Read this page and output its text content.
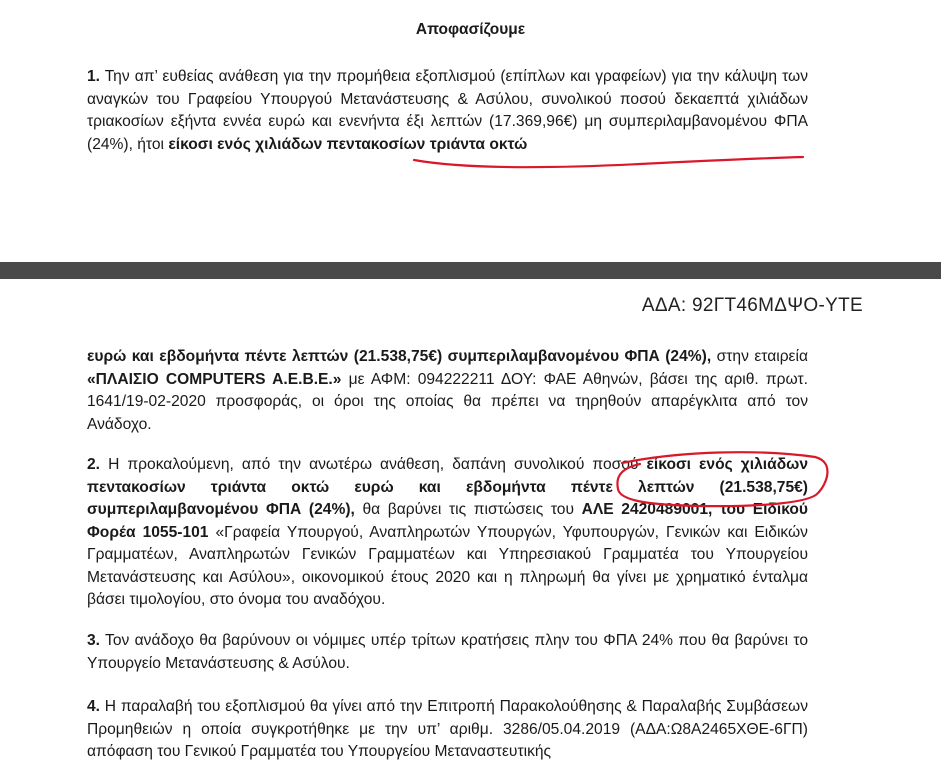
Αποφασίζουμε

1. Την απ’ ευθείας ανάθεση για την προμήθεια εξοπλισμού (επίπλων και γραφείων) για την κάλυψη των αναγκών του Γραφείου Υπουργού Μετανάστευσης & Ασύλου, συνολικού ποσού δεκαεπτά χιλιάδων τριακοσίων εξήντα εννέα ευρώ και ενενήντα έξι λεπτών (17.369,96€) μη συμπεριλαμβανομένου ΦΠΑ (24%), ήτοι είκοσι ενός χιλιάδων πεντακοσίων τριάντα οκτώ

ΑΔΑ: 92ΓΤ46ΜΔΨΟ-ΥΤΕ

ευρώ και εβδομήντα πέντε λεπτών (21.538,75€) συμπεριλαμβανομένου ΦΠΑ (24%), στην εταιρεία «ΠΛΑΙΣΙΟ COMPUTERS A.E.B.E.» με ΑΦΜ: 094222211 ΔΟΥ: ΦΑΕ Αθηνών, βάσει της αριθ. πρωτ. 1641/19-02-2020 προσφοράς, οι όροι της οποίας θα πρέπει να τηρηθούν απαρέγκλιτα από τον Ανάδοχο.

2. Η προκαλούμενη, από την ανωτέρω ανάθεση, δαπάνη συνολικού ποσού είκοσι ενός χιλιάδων πεντακοσίων τριάντα οκτώ ευρώ και εβδομήντα πέντε λεπτών (21.538,75€) συμπεριλαμβανομένου ΦΠΑ (24%), θα βαρύνει τις πιστώσεις του ΑΛΕ 2420489001, του Ειδικού Φορέα 1055-101 «Γραφεία Υπουργού, Αναπληρωτών Υπουργών, Υφυπουργών, Γενικών και Ειδικών Γραμματέων, Αναπληρωτών Γενικών Γραμματέων και Υπηρεσιακού Γραμματέα του Υπουργείου Μετανάστευσης και Ασύλου», οικονομικού έτους 2020 και η πληρωμή θα γίνει με χρηματικό ένταλμα βάσει τιμολογίου, στο όνομα του αναδόχου.

3. Τον ανάδοχο θα βαρύνουν οι νόμιμες υπέρ τρίτων κρατήσεις πλην του ΦΠΑ 24% που θα βαρύνει το Υπουργείο Μετανάστευσης & Ασύλου.

4. Η παραλαβή του εξοπλισμού θα γίνει από την Επιτροπή Παρακολούθησης & Παραλαβής Συμβάσεων Προμηθειών η οποία συγκροτήθηκε με την υπ’ αριθμ. 3286/05.04.2019 (ΑΔΑ:Ω8Α2465ΧΘΕ-6ΓΠ) απόφαση του Γενικού Γραμματέα του Υπουργείου Μεταναστευτικής
